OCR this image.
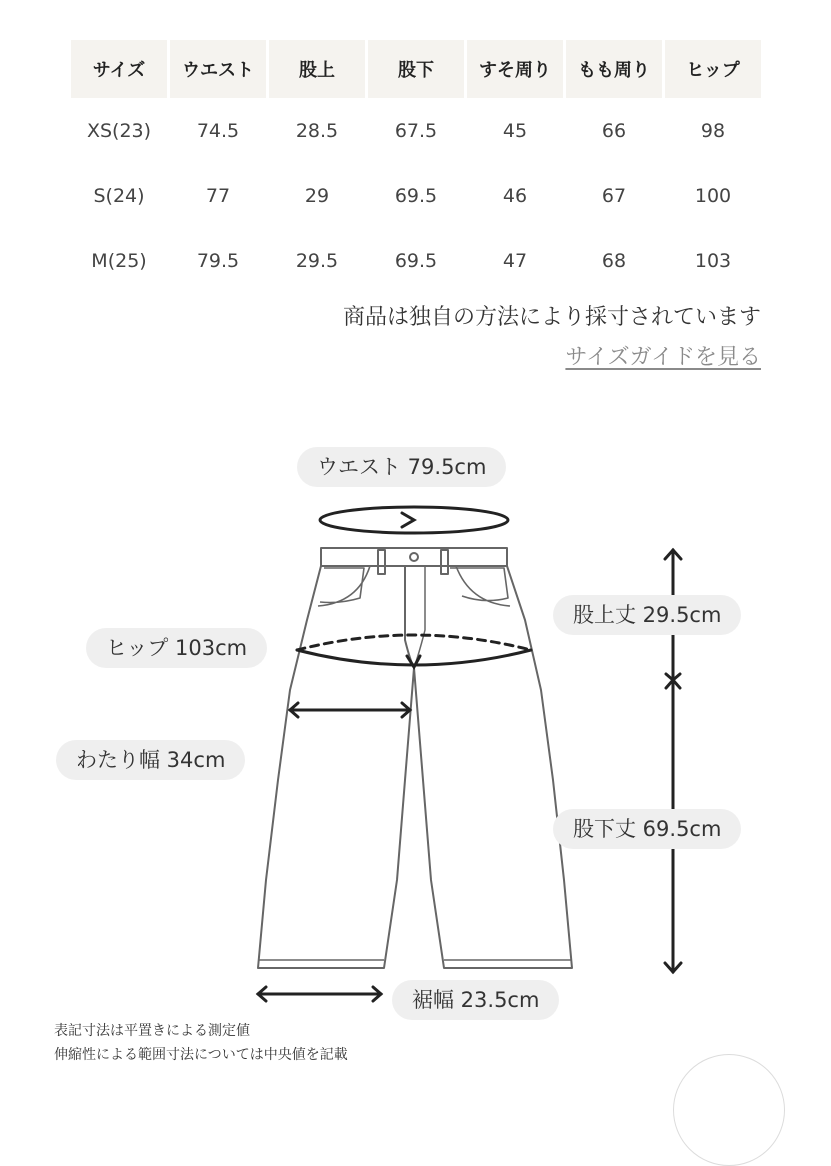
サイズ	ウエスト	股上	股下	すそ周り	もも周り	ヒップ
XS(23)	74.5	28.5	67.5	45	66	98
S(24)	77	29	69.5	46	67	100
M(25)	79.5	29.5	69.5	47	68	103
商品は独自の方法により採寸されています
サイズガイドを見る
ウエスト 79.5cm
ヒップ 103cm
わたり幅 34cm
股上丈 29.5cm
股下丈 69.5cm
裾幅 23.5cm
表記寸法は平置きによる測定値
伸縮性による範囲寸法については中央値を記載
